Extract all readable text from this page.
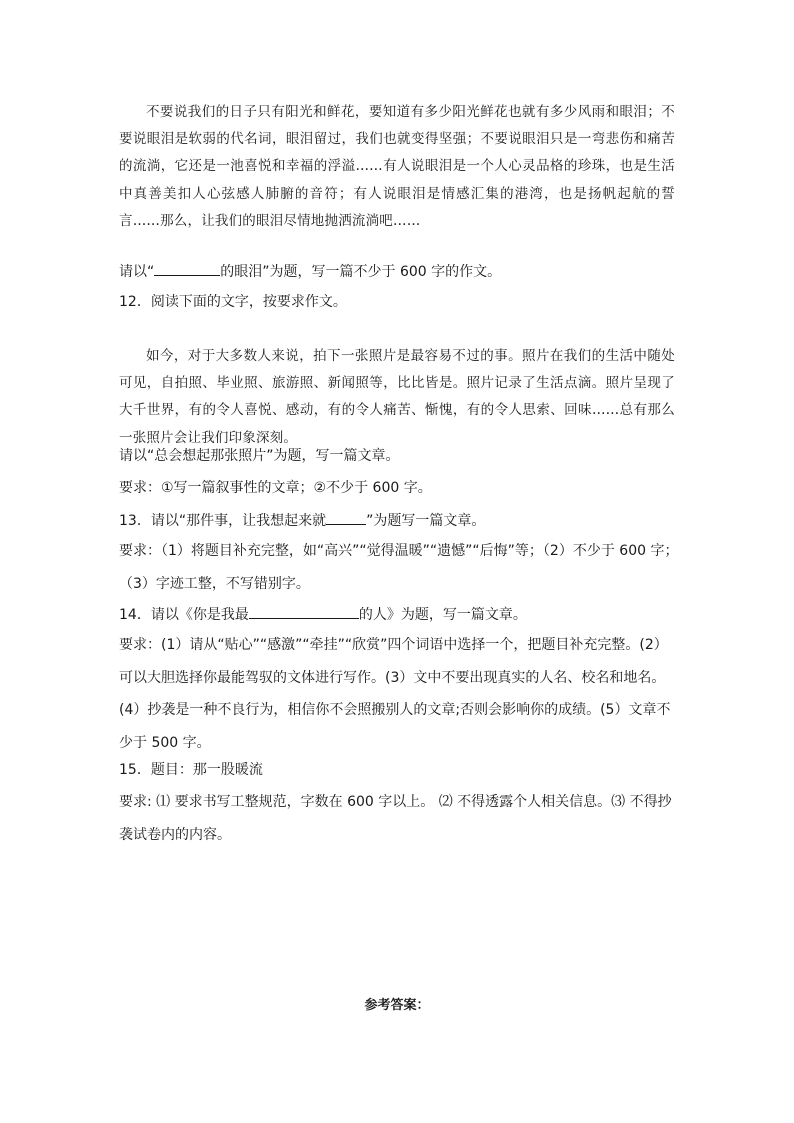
不要说我们的日子只有阳光和鲜花，要知道有多少阳光鲜花也就有多少风雨和眼泪；不要说眼泪是软弱的代名词，眼泪留过，我们也就变得坚强；不要说眼泪只是一弯悲伤和痛苦的流淌，它还是一池喜悦和幸福的浮溢……有人说眼泪是一个人心灵品格的珍珠，也是生活中真善美扣人心弦感人肺腑的音符；有人说眼泪是情感汇集的港湾，也是扬帆起航的誓言……那么，让我们的眼泪尽情地抛洒流淌吧……

请以“	的眼泪”为题，写一篇不少于 600 字的作文。

12．阅读下面的文字，按要求作文。

如今，对于大多数人来说，拍下一张照片是最容易不过的事。照片在我们的生活中随处可见，自拍照、毕业照、旅游照、新闻照等，比比皆是。照片记录了生活点滴。照片呈现了大千世界，有的令人喜悦、感动，有的令人痛苦、惭愧，有的令人思索、回味……总有那么一张照片会让我们印象深刻。

请以“总会想起那张照片”为题，写一篇文章。

要求：①写一篇叙事性的文章；②不少于 600 字。

13．请以“那件事，让我想起来就	”为题写一篇文章。

要求：（1）将题目补充完整，如“高兴”“觉得温暖”“遗憾”“后悔”等；（2）不少于 600 字；（3）字迹工整，不写错别字。

14．请以《你是我最	的人》为题，写一篇文章。

要求：(1）请从“贴心”“感激”“牵挂”“欣赏”四个词语中选择一个，把题目补充完整。(2）可以大胆选择你最能驾驭的文体进行写作。(3）文中不要出现真实的人名、校名和地名。(4）抄袭是一种不良行为，相信你不会照搬别人的文章;否则会影响你的成绩。(5）文章不少于 500 字。

15．题目：那一股暖流

要求: ⑴ 要求书写工整规范，字数在 600 字以上。 ⑵ 不得透露个人相关信息。⑶ 不得抄袭试卷内的内容。

参考答案：
